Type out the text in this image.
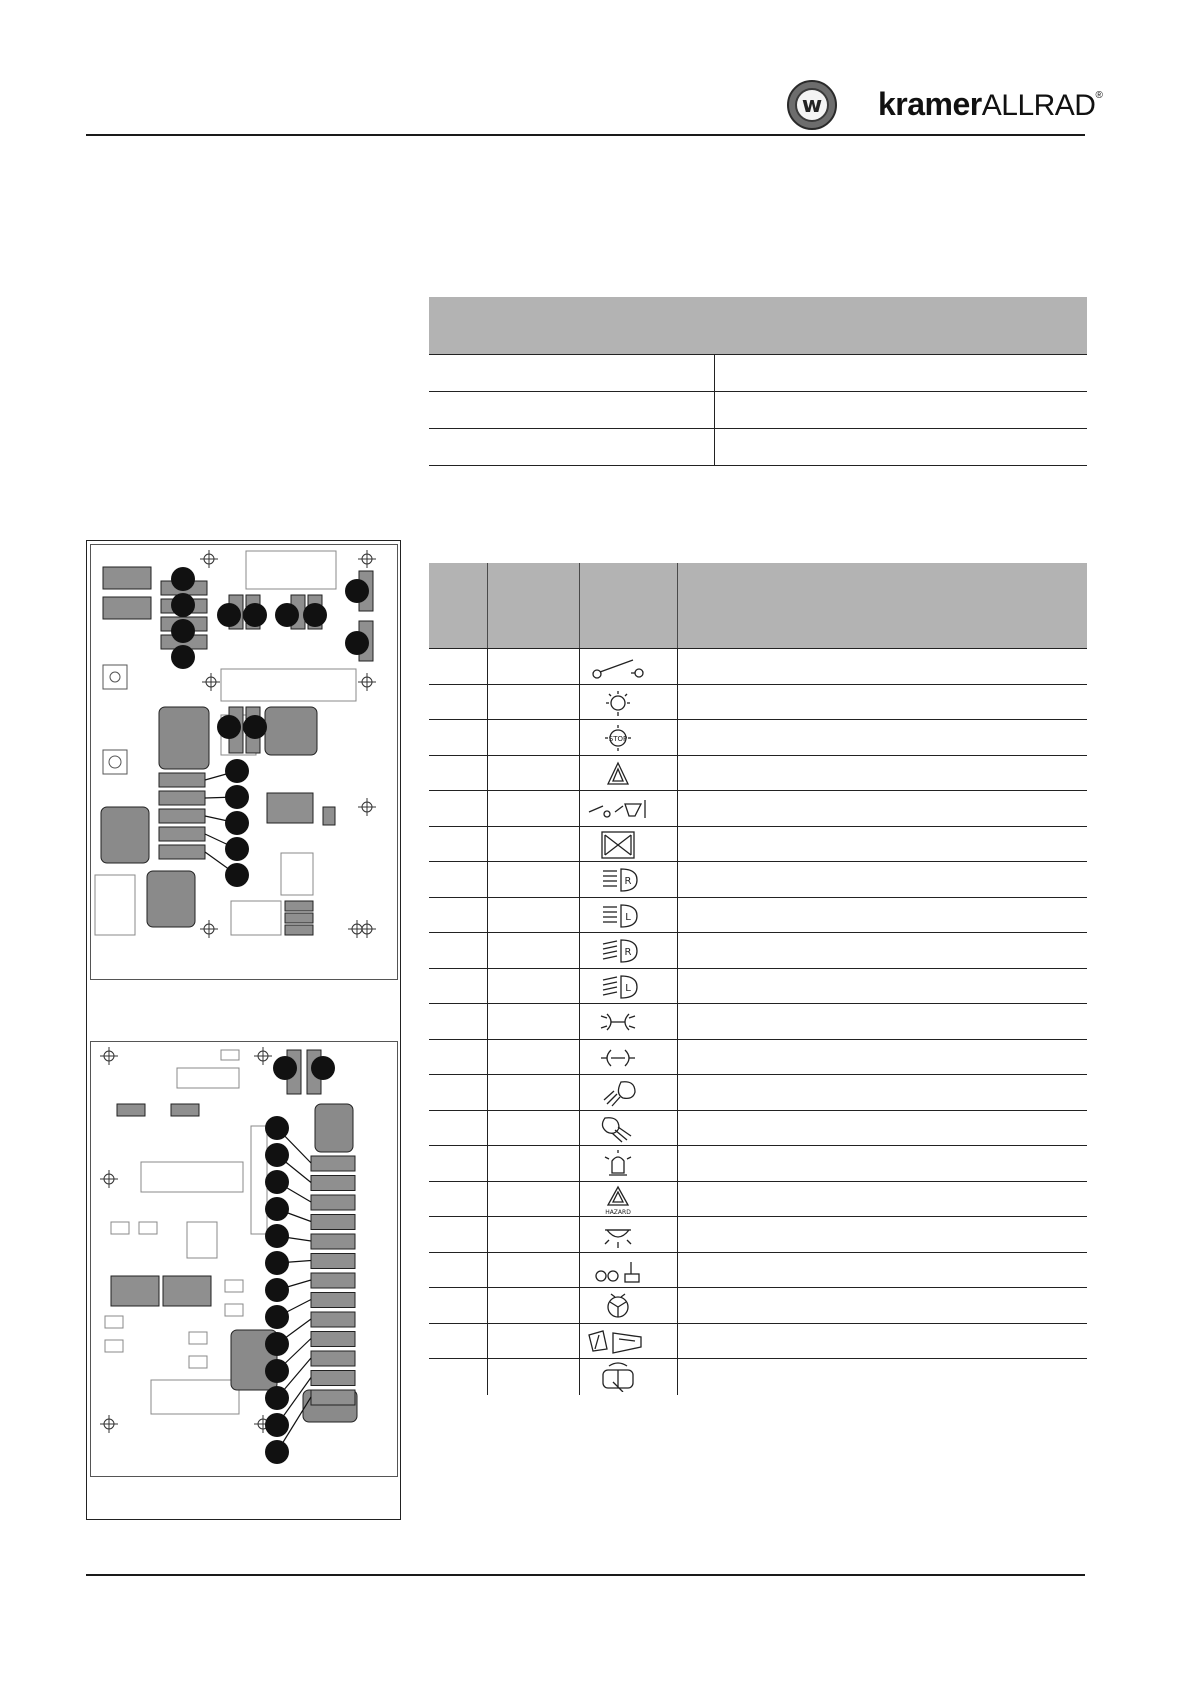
w kramerALLRAD®
STOP
R
L
R
L
HAZARD
